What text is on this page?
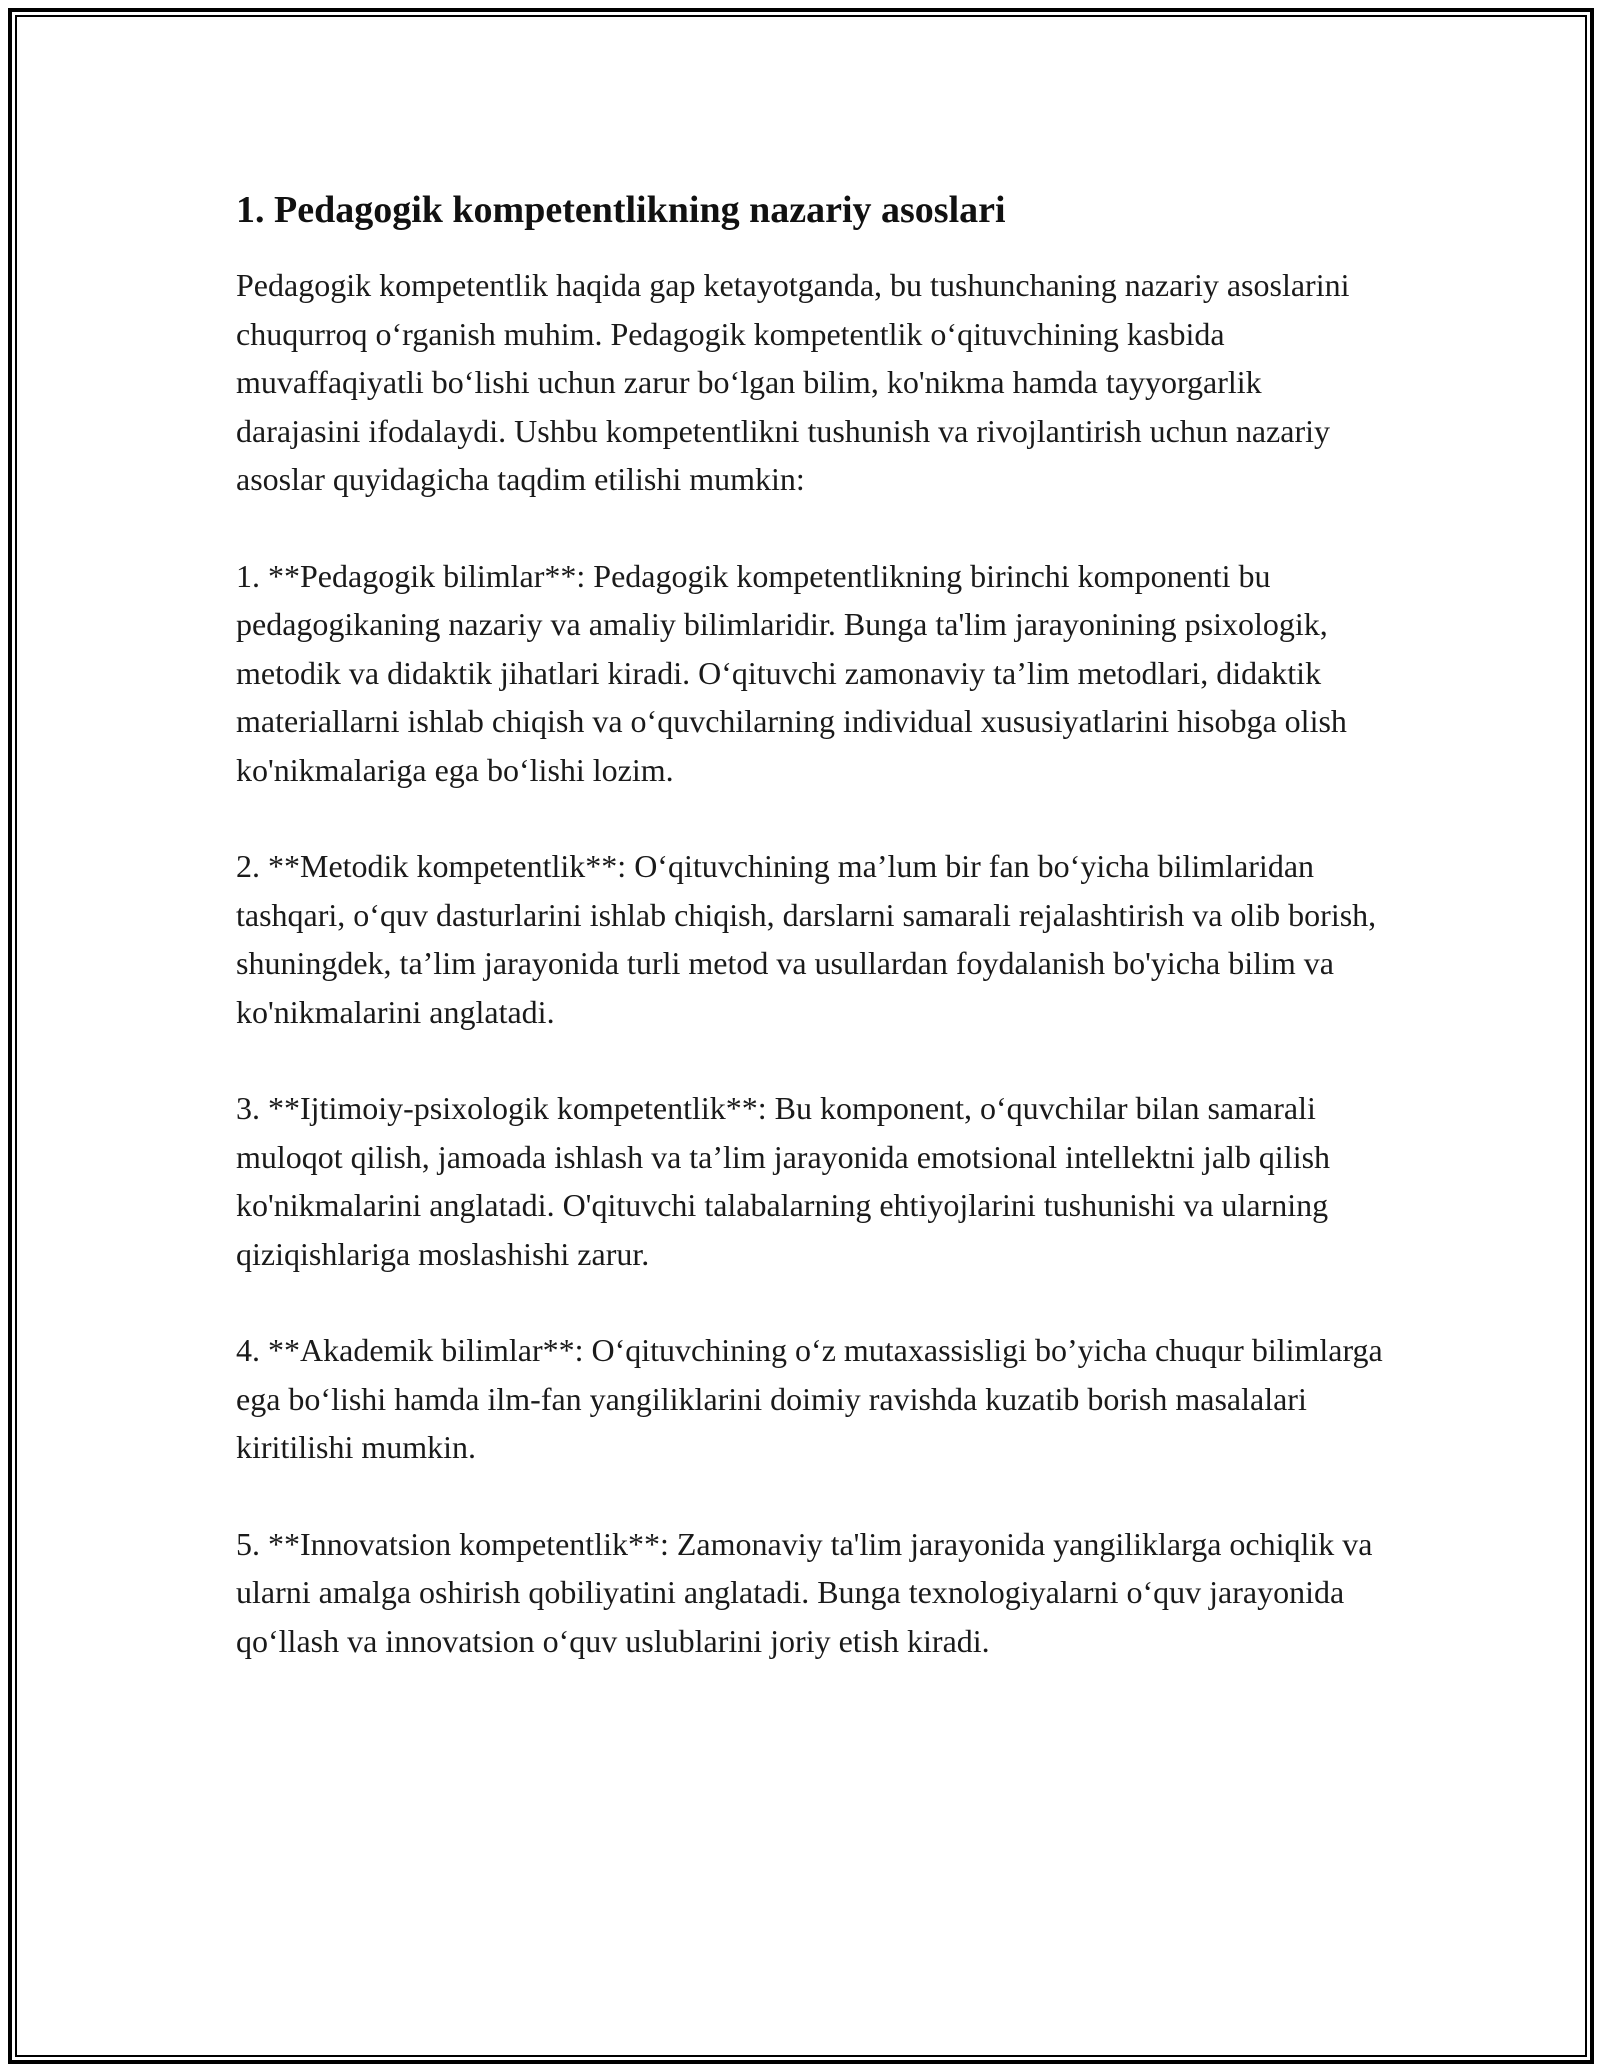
1. Pedagogik kompetentlikning nazariy asoslari

Pedagogik kompetentlik haqida gap ketayotganda, bu tushunchaning nazariy asoslarini chuqurroq o‘rganish muhim. Pedagogik kompetentlik o‘qituvchining kasbida muvaffaqiyatli bo‘lishi uchun zarur bo‘lgan bilim, ko'nikma hamda tayyorgarlik darajasini ifodalaydi. Ushbu kompetentlikni tushunish va rivojlantirish uchun nazariy asoslar quyidagicha taqdim etilishi mumkin:

1. **Pedagogik bilimlar**: Pedagogik kompetentlikning birinchi komponenti bu pedagogikaning nazariy va amaliy bilimlaridir. Bunga ta'lim jarayonining psixologik, metodik va didaktik jihatlari kiradi. O‘qituvchi zamonaviy ta’lim metodlari, didaktik materiallarni ishlab chiqish va o‘quvchilarning individual xususiyatlarini hisobga olish ko'nikmalariga ega bo‘lishi lozim.

2. **Metodik kompetentlik**: O‘qituvchining ma’lum bir fan bo‘yicha bilimlaridan tashqari, o‘quv dasturlarini ishlab chiqish, darslarni samarali rejalashtirish va olib borish, shuningdek, ta’lim jarayonida turli metod va usullardan foydalanish bo'yicha bilim va ko'nikmalarini anglatadi.

3. **Ijtimoiy-psixologik kompetentlik**: Bu komponent, o‘quvchilar bilan samarali muloqot qilish, jamoada ishlash va ta’lim jarayonida emotsional intellektni jalb qilish ko'nikmalarini anglatadi. O'qituvchi talabalarning ehtiyojlarini tushunishi va ularning qiziqishlariga moslashishi zarur.

4. **Akademik bilimlar**: O‘qituvchining o‘z mutaxassisligi bo’yicha chuqur bilimlarga ega bo‘lishi hamda ilm-fan yangiliklarini doimiy ravishda kuzatib borish masalalari kiritilishi mumkin.

5. **Innovatsion kompetentlik**: Zamonaviy ta'lim jarayonida yangiliklarga ochiqlik va ularni amalga oshirish qobiliyatini anglatadi. Bunga texnologiyalarni o‘quv jarayonida qo‘llash va innovatsion o‘quv uslublarini joriy etish kiradi.
